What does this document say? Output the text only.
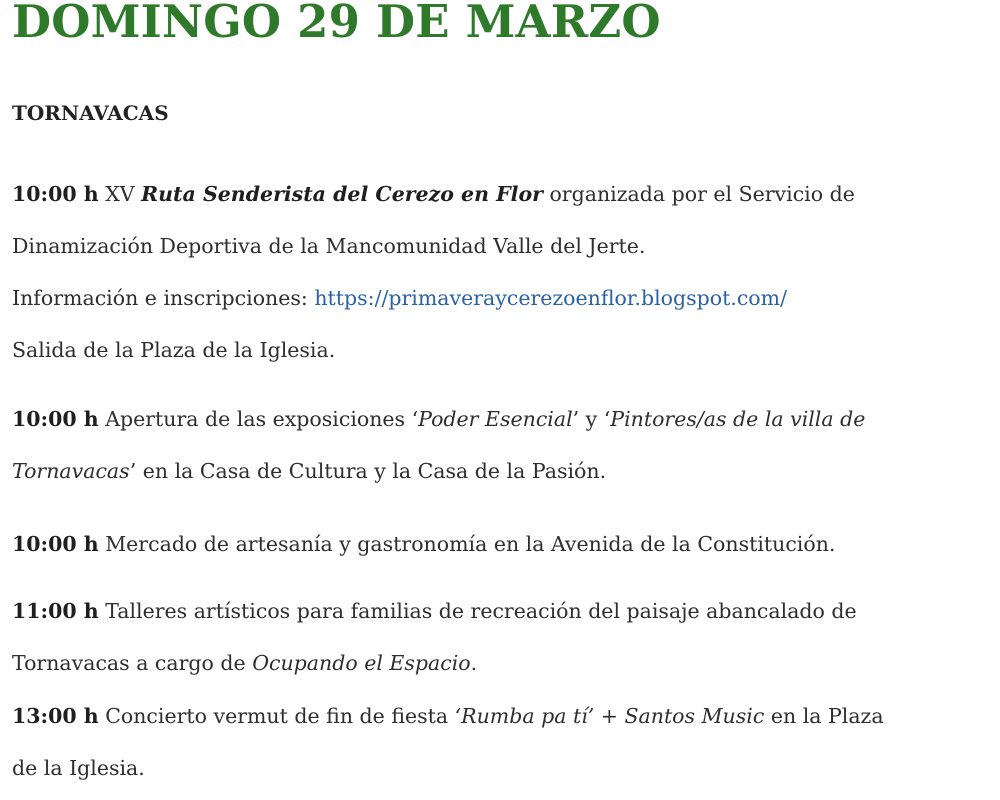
DOMINGO 29 DE MARZO
TORNAVACAS
10:00 h XV Ruta Senderista del Cerezo en Flor organizada por el Servicio de
Dinamización Deportiva de la Mancomunidad Valle del Jerte.
Información e inscripciones: https://primaveraycerezoenflor.blogspot.com/
Salida de la Plaza de la Iglesia.
10:00 h Apertura de las exposiciones ‘Poder Esencial’ y ‘Pintores/as de la villa de
Tornavacas’ en la Casa de Cultura y la Casa de la Pasión.
10:00 h Mercado de artesanía y gastronomía en la Avenida de la Constitución.
11:00 h Talleres artísticos para familias de recreación del paisaje abancalado de
Tornavacas a cargo de Ocupando el Espacio.
13:00 h Concierto vermut de fin de fiesta ‘Rumba pa tí’ + Santos Music en la Plaza
de la Iglesia.
